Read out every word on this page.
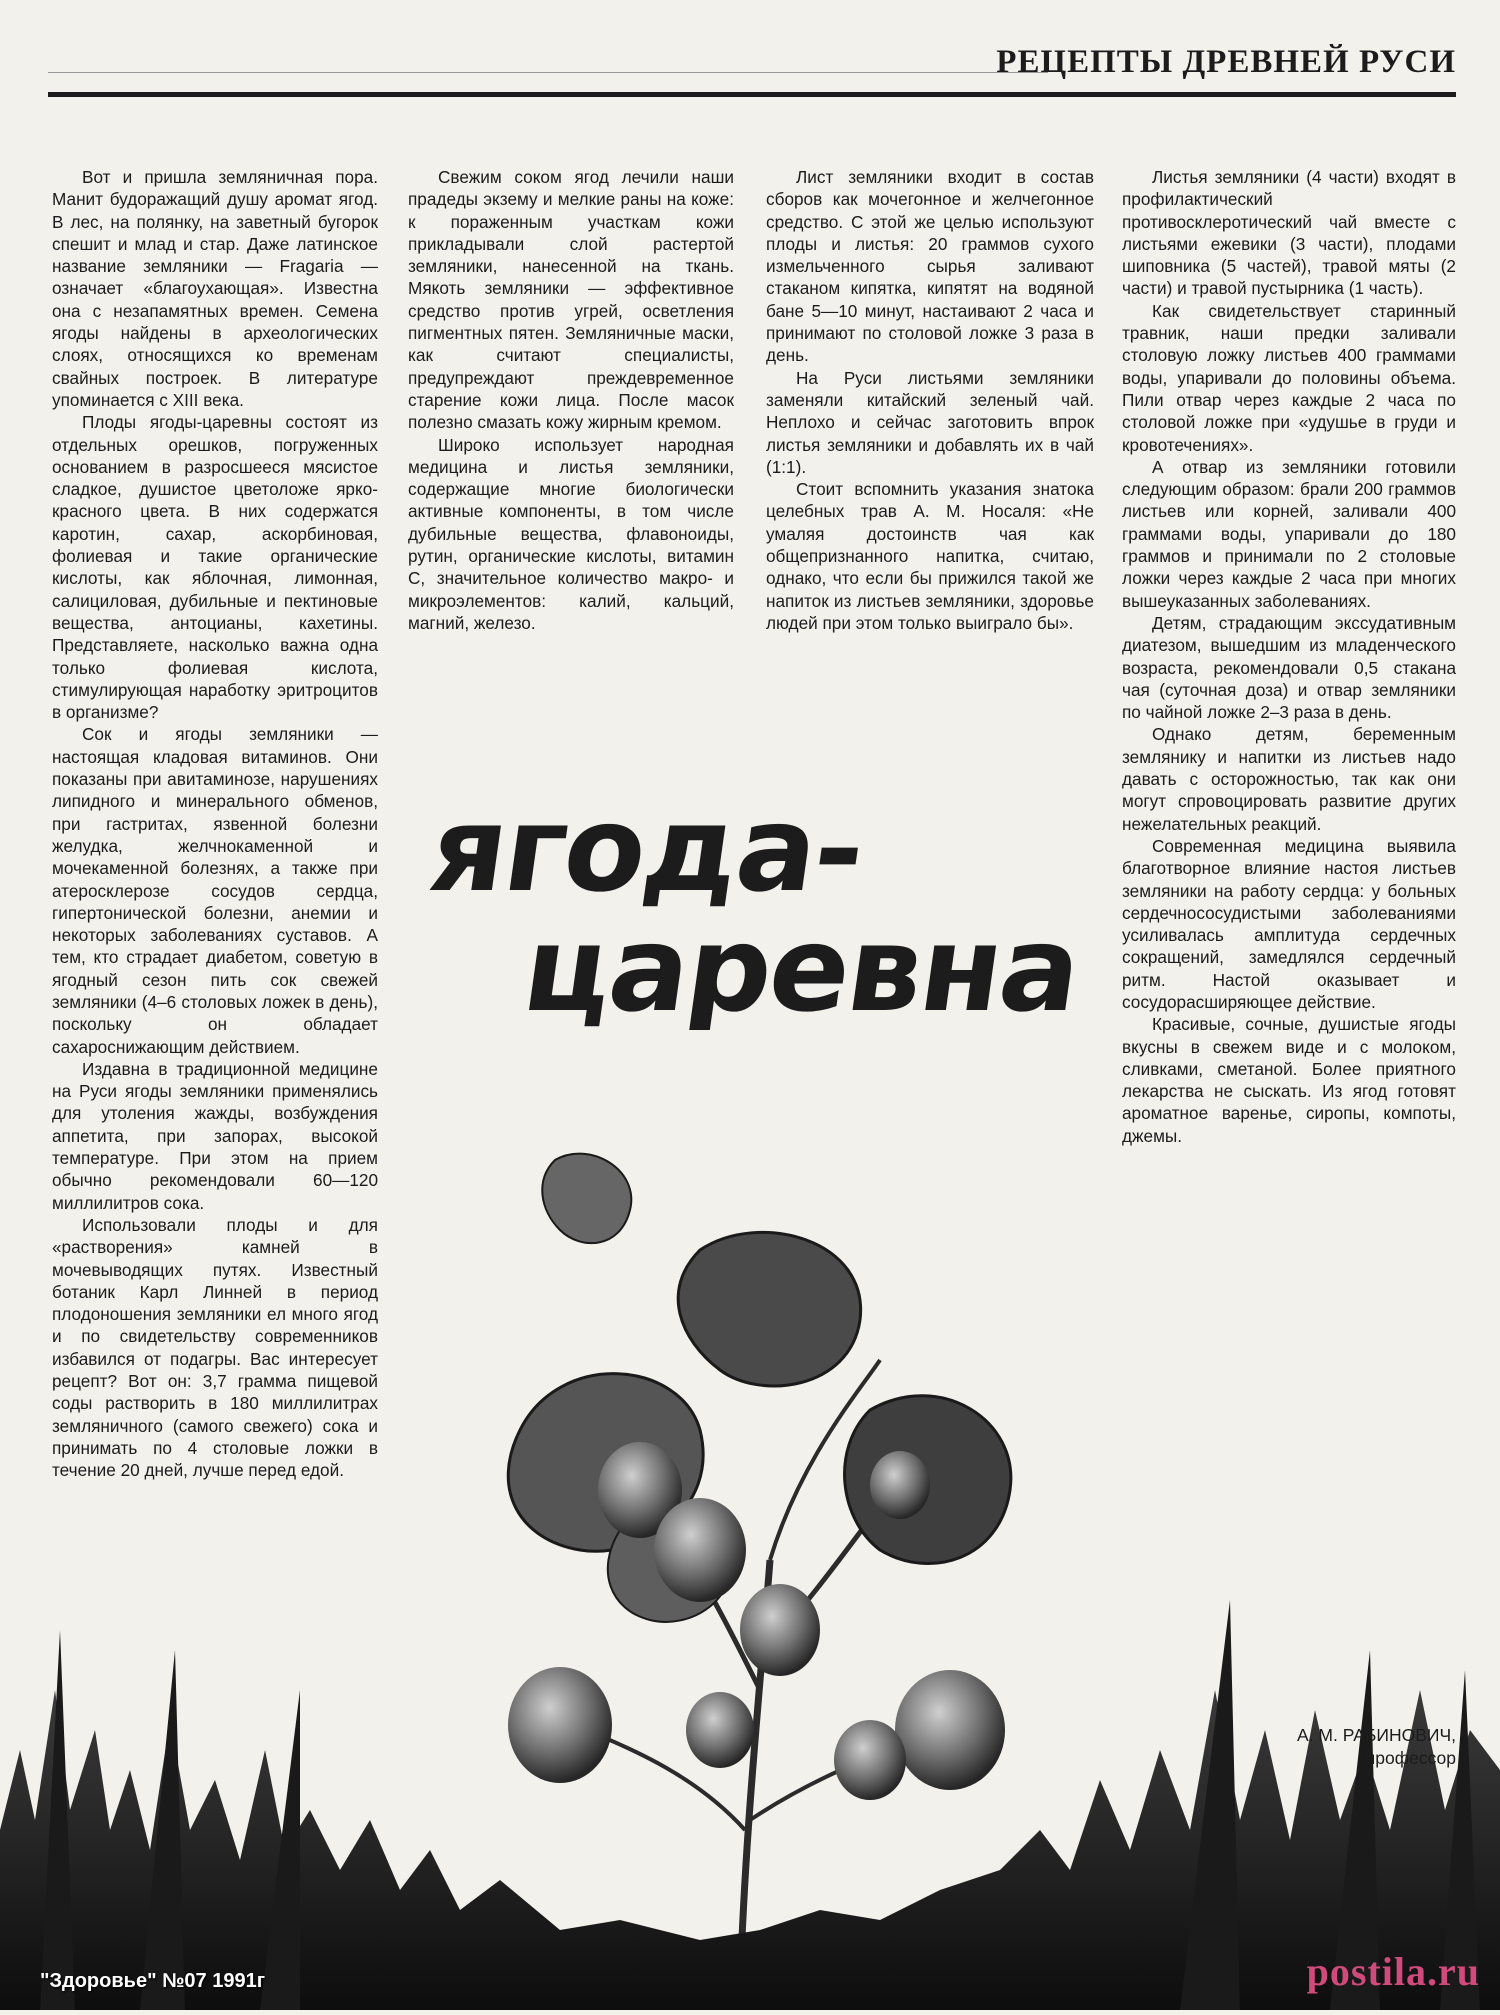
РЕЦЕПТЫ ДРЕВНЕЙ РУСИ

Вот и пришла земляничная пора. Манит будоражащий душу аромат ягод. В лес, на полянку, на заветный бугорок спешит и млад и стар. Даже латинское название земляники — Fragaria — означает «благоухающая». Известна она с незапамятных времен. Семена ягоды найдены в археологических слоях, относящихся ко временам свайных построек. В литературе упоминается с XIII века.

Плоды ягоды-царевны состоят из отдельных орешков, погруженных основанием в разросшееся мясистое сладкое, душистое цветоложе ярко-красного цвета. В них содержатся каротин, сахар, аскорбиновая, фолиевая и такие органические кислоты, как яблочная, лимонная, салициловая, дубильные и пектиновые вещества, антоцианы, кахетины. Представляете, насколько важна одна только фолиевая кислота, стимулирующая наработку эритроцитов в организме?

Сок и ягоды земляники — настоящая кладовая витаминов. Они показаны при авитаминозе, нарушениях липидного и минерального обменов, при гастритах, язвенной болезни желудка, желчнокаменной и мочекаменной болезнях, а также при атеросклерозе сосудов сердца, гипертонической болезни, анемии и некоторых заболеваниях суставов. А тем, кто страдает диабетом, советую в ягодный сезон пить сок свежей земляники (4–6 столовых ложек в день), поскольку он обладает сахароснижающим действием.

Издавна в традиционной медицине на Руси ягоды земляники применялись для утоления жажды, возбуждения аппетита, при запорах, высокой температуре. При этом на прием обычно рекомендовали 60—120 миллилитров сока.

Использовали плоды и для «растворения» камней в мочевыводящих путях. Известный ботаник Карл Линней в период плодоношения земляники ел много ягод и по свидетельству современников избавился от подагры. Вас интересует рецепт? Вот он: 3,7 грамма пищевой соды растворить в 180 миллилитрах земляничного (самого свежего) сока и принимать по 4 столовые ложки в течение 20 дней, лучше перед едой.

Свежим соком ягод лечили наши прадеды экзему и мелкие раны на коже: к пораженным участкам кожи прикладывали слой растертой земляники, нанесенной на ткань. Мякоть земляники — эффективное средство против угрей, осветления пигментных пятен. Земляничные маски, как считают специалисты, предупреждают преждевременное старение кожи лица. После масок полезно смазать кожу жирным кремом.

Широко использует народная медицина и листья земляники, содержащие многие биологически активные компоненты, в том числе дубильные вещества, флавоноиды, рутин, органические кислоты, витамин С, значительное количество макро- и микроэлементов: калий, кальций, магний, железо.

Лист земляники входит в состав сборов как мочегонное и желчегонное средство. С этой же целью используют плоды и листья: 20 граммов сухого измельченного сырья заливают стаканом кипятка, кипятят на водяной бане 5—10 минут, настаивают 2 часа и принимают по столовой ложке 3 раза в день.

На Руси листьями земляники заменяли китайский зеленый чай. Неплохо и сейчас заготовить впрок листья земляники и добавлять их в чай (1:1).

Стоит вспомнить указания знатока целебных трав А. М. Носаля: «Не умаляя достоинств чая как общепризнанного напитка, считаю, однако, что если бы прижился такой же напиток из листьев земляники, здоровье людей при этом только выиграло бы».

Листья земляники (4 части) входят в профилактический противосклеротический чай вместе с листьями ежевики (3 части), плодами шиповника (5 частей), травой мяты (2 части) и травой пустырника (1 часть).

Как свидетельствует старинный травник, наши предки заливали столовую ложку листьев 400 граммами воды, упаривали до половины объема. Пили отвар через каждые 2 часа по столовой ложке при «удушье в груди и кровотечениях».

А отвар из земляники готовили следующим образом: брали 200 граммов листьев или корней, заливали 400 граммами воды, упаривали до 180 граммов и принимали по 2 столовые ложки через каждые 2 часа при многих вышеуказанных заболеваниях.

Детям, страдающим экссудативным диатезом, вышедшим из младенческого возраста, рекомендовали 0,5 стакана чая (суточная доза) и отвар земляники по чайной ложке 2–3 раза в день.

Однако детям, беременным землянику и напитки из листьев надо давать с осторожностью, так как они могут спровоцировать развитие других нежелательных реакций.

Современная медицина выявила благотворное влияние настоя листьев земляники на работу сердца: у больных сердечнососудистыми заболеваниями усиливалась амплитуда сердечных сокращений, замедлялся сердечный ритм. Настой оказывает и сосудорасширяющее действие.

Красивые, сочные, душистые ягоды вкусны в свежем виде и с молоком, сливками, сметаной. Более приятного лекарства не сыскать. Из ягод готовят ароматное варенье, сиропы, компоты, джемы.

ягода-
царевна
А. М. РАБИНОВИЧ,
профессор
"Здоровье" №07 1991г	postila.ru
